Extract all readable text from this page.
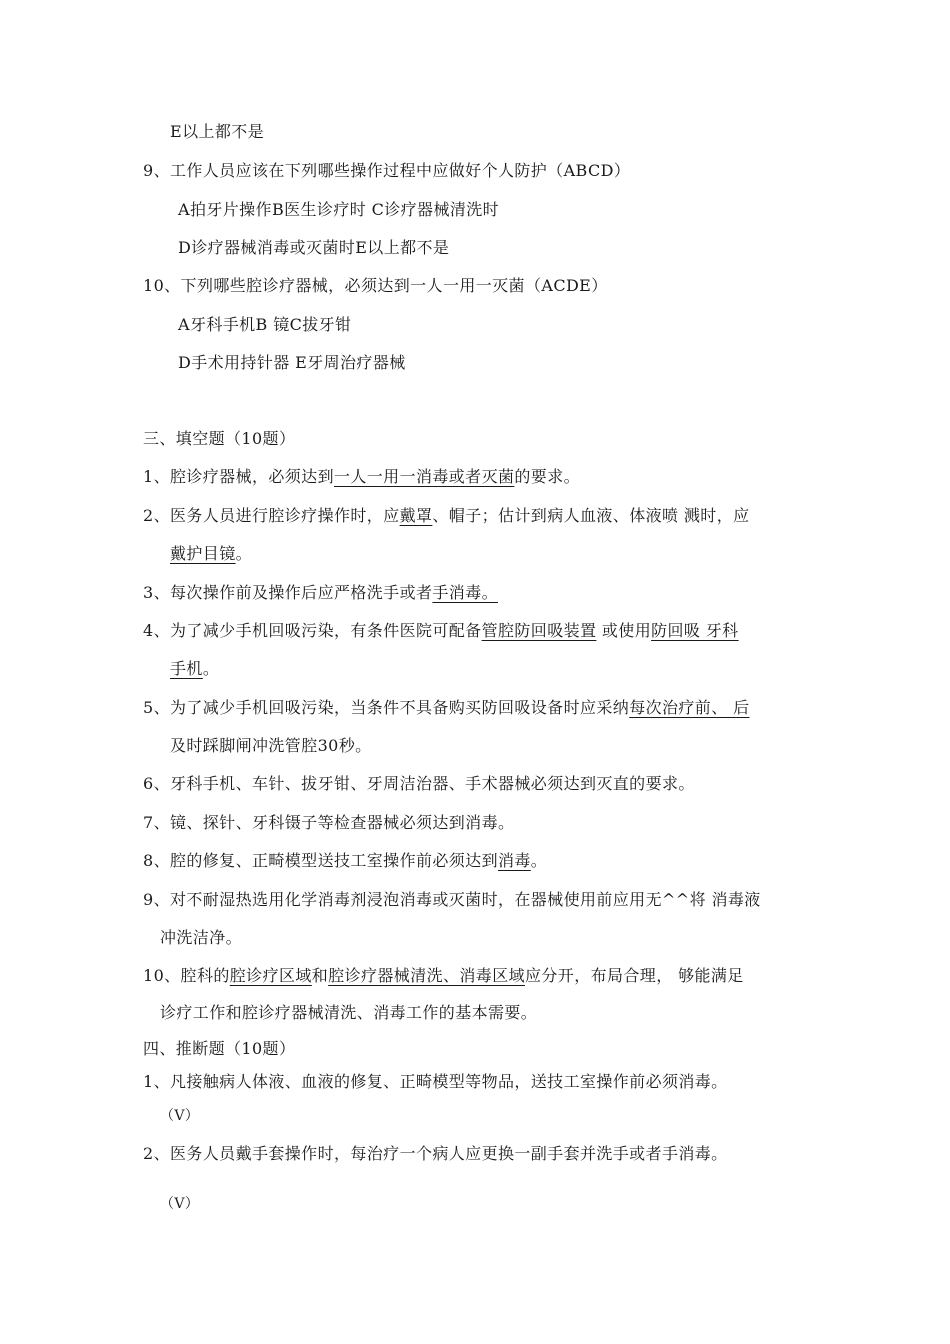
E以上都不是
9、工作人员应该在下列哪些操作过程中应做好个人防护（ABCD）
A拍牙片操作B医生诊疗时 C诊疗器械清洗时
D诊疗器械消毒或灭菌时E以上都不是
10、下列哪些腔诊疗器械，必须达到一人一用一灭菌（ACDE）
A牙科手机B 镜C拔牙钳
D手术用持针器 E牙周治疗器械
三、填空题（10题）
1、腔诊疗器械，必须达到一人一用一消毒或者灭菌的要求。
2、医务人员进行腔诊疗操作时，应戴罩、帽子；估计到病人血液、体液喷 溅时，应
戴护目镜。
3、每次操作前及操作后应严格洗手或者手消毒。
4、为了减少手机回吸污染，有条件医院可配备管腔防回吸装置 或使用防回吸 牙科
手机。
5、为了减少手机回吸污染，当条件不具备购买防回吸设备时应采纳每次治疗前、 后
及时踩脚闸冲洗管腔30秒。
6、牙科手机、车针、拔牙钳、牙周洁治器、手术器械必须达到灭直的要求。
7、镜、探针、牙科镊子等检查器械必须达到消毒。
8、腔的修复、正畸模型送技工室操作前必须达到消毒。
9、对不耐湿热选用化学消毒剂浸泡消毒或灭菌时，在器械使用前应用无^^将 消毒液
冲洗洁净。
10、腔科的腔诊疗区域和腔诊疗器械清洗、消毒区域应分开，布局合理， 够能满足
诊疗工作和腔诊疗器械清洗、消毒工作的基本需要。
四、推断题（10题）
1、凡接触病人体液、血液的修复、正畸模型等物品，送技工室操作前必须消毒。
（V）
2、医务人员戴手套操作时，每治疗一个病人应更换一副手套并洗手或者手消毒。
（V）
